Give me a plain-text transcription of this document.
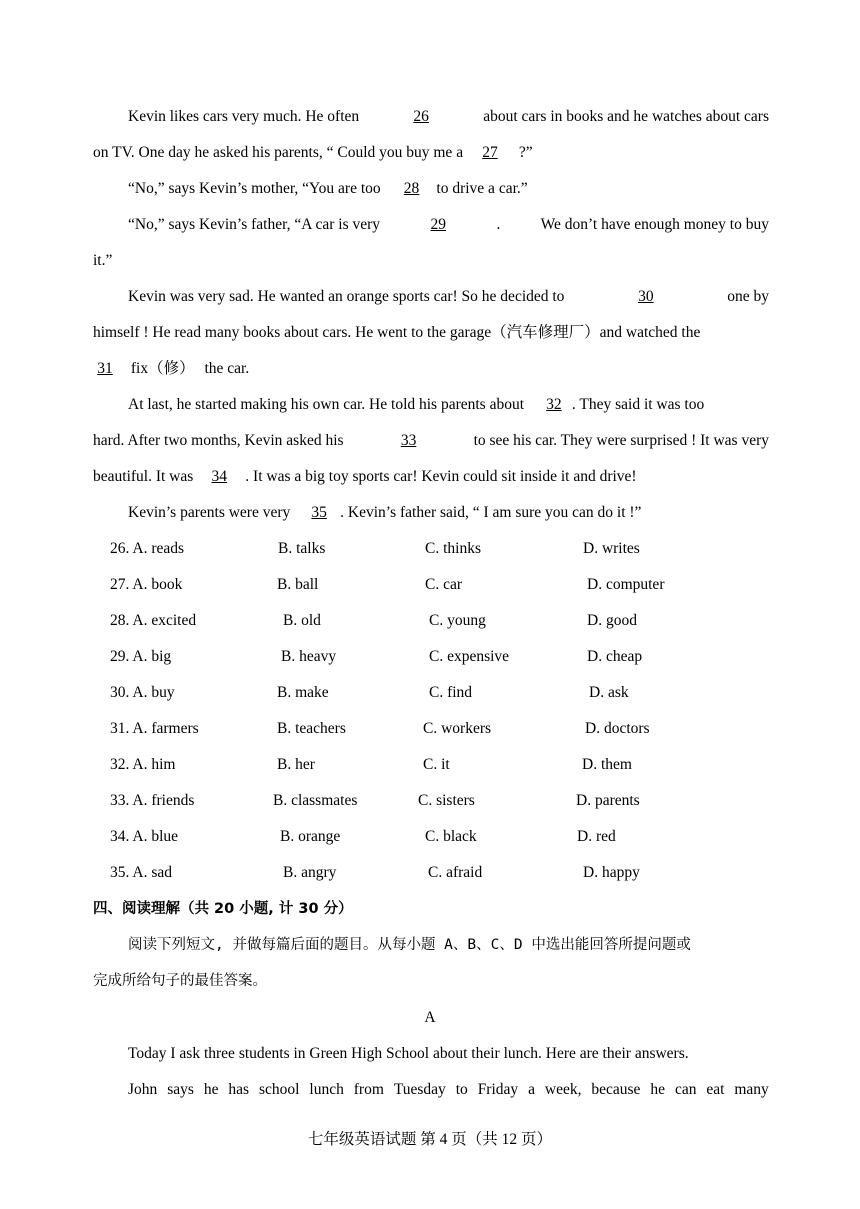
Kevin likes cars very much. He often	26	about cars in books and he watches about cars
on TV. One day he asked his parents, “ Could you buy me a 27 ?”
“No,” says Kevin’s mother, “You are too 28 to drive a car.”
“No,” says Kevin’s father, “A car is very	29	.	We don’t have enough money to buy
it.”
Kevin was very sad. He wanted an orange sports car! So he decided to	30	one by
himself ! He read many books about cars. He went to the garage（汽车修理厂）and watched the
31 fix（修） the car.
At last, he started making his own car. He told his parents about 32 . They said it was too
hard. After two months, Kevin asked his	33	to see his car. They were surprised ! It was very
beautiful. It was 34 . It was a big toy sports car! Kevin could sit inside it and drive!
Kevin’s parents were very 35 . Kevin’s father said, “ I am sure you can do it !”
26. A. reads	B. talks	C. thinks	D. writes
27. A. book	B. ball	C. car	D. computer
28. A. excited	B. old	C. young	D. good
29. A. big	B. heavy	C. expensive	D. cheap
30. A. buy	B. make	C. find	D. ask
31. A. farmers	B. teachers	C. workers	D. doctors
32. A. him	B. her	C. it	D. them
33. A. friends	B. classmates	C. sisters	D. parents
34. A. blue	B. orange	C. black	D. red
35. A. sad	B. angry	C. afraid	D. happy
四、阅读理解（共 20 小题, 计 30 分）
阅读下列短文, 并做每篇后面的题目。从每小题 A、B、C、D 中选出能回答所提问题或
完成所给句子的最佳答案。
A
Today I ask three students in Green High School about their lunch. Here are their answers.
John says he has school lunch from Tuesday to Friday a week, because he can eat many
七年级英语试题 第 4 页（共 12 页）
